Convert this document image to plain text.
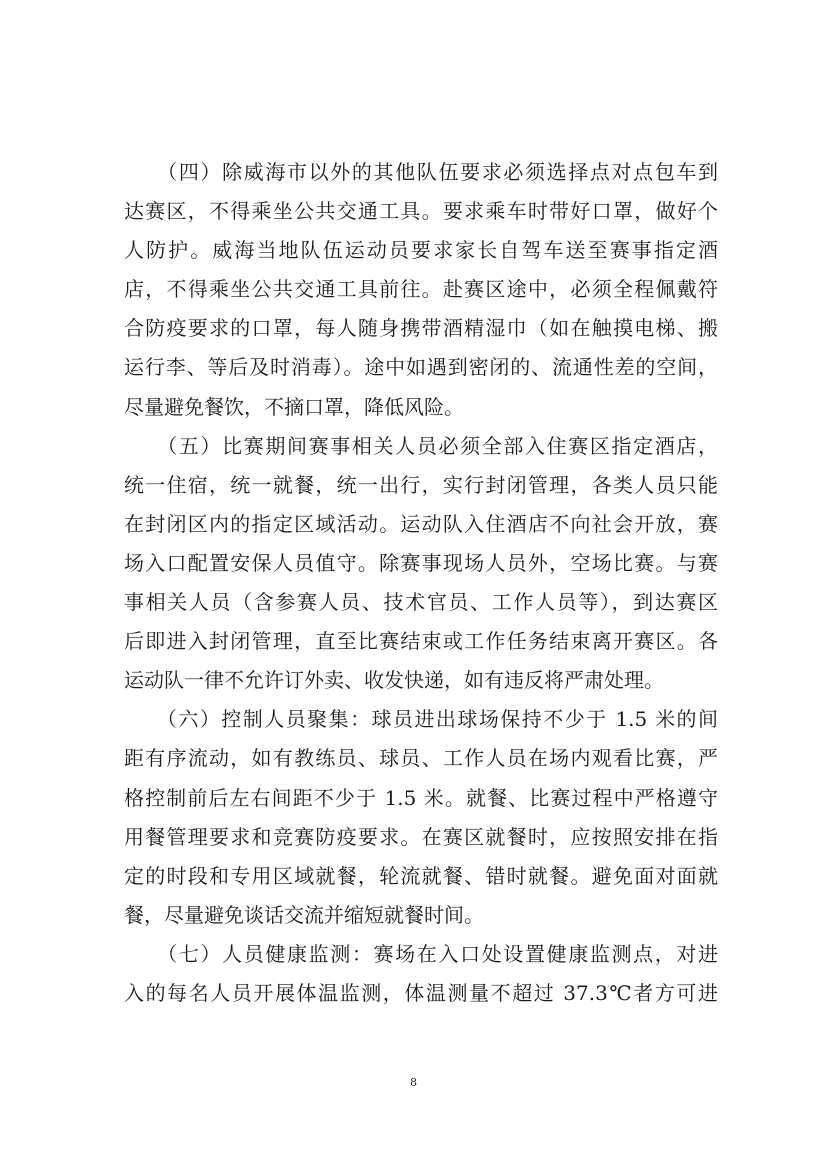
　　（四）除威海市以外的其他队伍要求必须选择点对点包车到
达赛区，不得乘坐公共交通工具。要求乘车时带好口罩，做好个
人防护。威海当地队伍运动员要求家长自驾车送至赛事指定酒
店，不得乘坐公共交通工具前往。赴赛区途中，必须全程佩戴符
合防疫要求的口罩，每人随身携带酒精湿巾（如在触摸电梯、搬
运行李、等后及时消毒）。途中如遇到密闭的、流通性差的空间，
尽量避免餐饮，不摘口罩，降低风险。
　　（五）比赛期间赛事相关人员必须全部入住赛区指定酒店，
统一住宿，统一就餐，统一出行，实行封闭管理，各类人员只能
在封闭区内的指定区域活动。运动队入住酒店不向社会开放，赛
场入口配置安保人员值守。除赛事现场人员外，空场比赛。与赛
事相关人员（含参赛人员、技术官员、工作人员等），到达赛区
后即进入封闭管理，直至比赛结束或工作任务结束离开赛区。各
运动队一律不允许订外卖、收发快递，如有违反将严肃处理。
　　（六）控制人员聚集：球员进出球场保持不少于 1.5 米的间
距有序流动，如有教练员、球员、工作人员在场内观看比赛，严
格控制前后左右间距不少于 1.5 米。就餐、比赛过程中严格遵守
用餐管理要求和竞赛防疫要求。在赛区就餐时，应按照安排在指
定的时段和专用区域就餐，轮流就餐、错时就餐。避免面对面就
餐，尽量避免谈话交流并缩短就餐时间。
　　（七）人员健康监测：赛场在入口处设置健康监测点，对进
入的每名人员开展体温监测，体温测量不超过 37.3℃者方可进
8
